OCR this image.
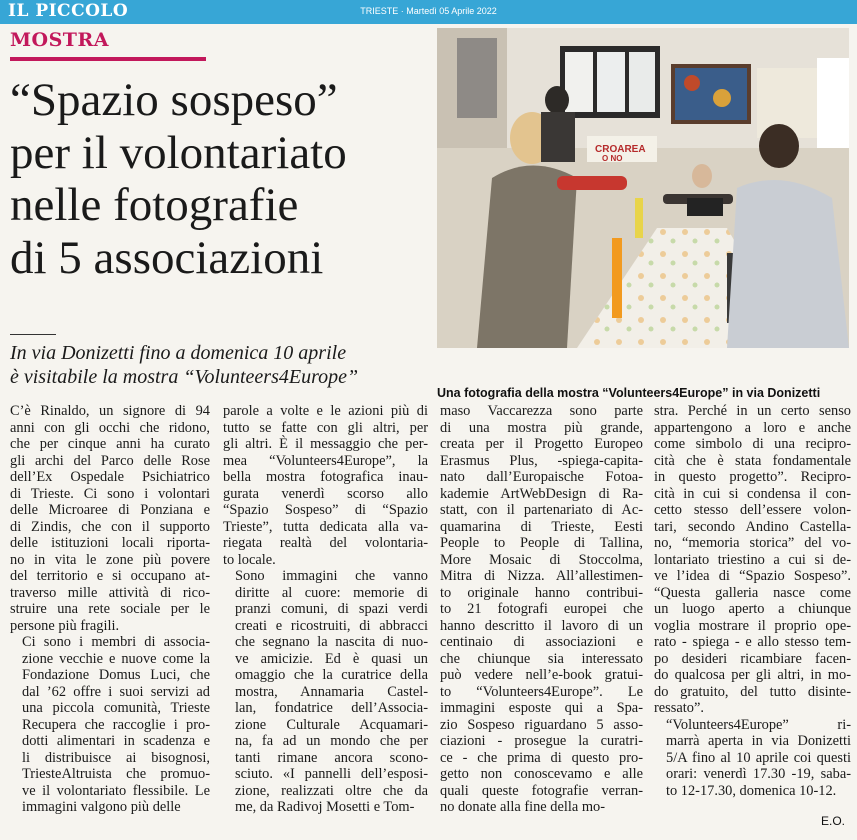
IL PICCOLO	TRIESTE · Martedì 05 Aprile 2022
MOSTRA
“Spazio sospeso”
per il volontariato
nelle fotografie
di 5 associazioni
In via Donizetti fino a domenica 10 aprile
è visitabile la mostra “Volunteers4Europe”
CROAREA
O NO
Una fotografia della mostra “Volunteers4Europe” in via Donizetti

C’è Rinaldo, un signore di 94
anni con gli occhi che ridono,
che per cinque anni ha curato
gli archi del Parco delle Rose
dell’Ex Ospedale Psichiatrico
di Trieste. Ci sono i volontari
delle Microaree di Ponziana e
di Zindis, che con il supporto
delle istituzioni locali riporta-
no in vita le zone più povere
del territorio e si occupano at-
traverso mille attività di rico-
struire una rete sociale per le
persone più fragili.

Ci sono i membri di associa-
zione vecchie e nuove come la
Fondazione Domus Luci, che
dal ’62 offre i suoi servizi ad
una piccola comunità, Trieste
Recupera che raccoglie i pro-
dotti alimentari in scadenza e
li distribuisce ai bisognosi,
TriesteAltruista che promuo-
ve il volontariato flessibile. Le
immagini valgono più delle

parole a volte e le azioni più di
tutto se fatte con gli altri, per
gli altri. È il messaggio che per-
mea “Volunteers4Europe”, la
bella mostra fotografica inau-
gurata venerdì scorso allo
“Spazio Sospeso” di “Spazio
Trieste”, tutta dedicata alla va-
riegata realtà del volontaria-
to locale.

Sono immagini che vanno
diritte al cuore: memorie di
pranzi comuni, di spazi verdi
creati e ricostruiti, di abbracci
che segnano la nascita di nuo-
ve amicizie. Ed è quasi un
omaggio che la curatrice della
mostra, Annamaria Castel-
lan, fondatrice dell’Associa-
zione Culturale Acquamari-
na, fa ad un mondo che per
tanti rimane ancora scono-
sciuto. «I pannelli dell’esposi-
zione, realizzati oltre che da
me, da Radivoj Mosetti e Tom-

maso Vaccarezza sono parte
di una mostra più grande,
creata per il Progetto Europeo
Erasmus Plus, -spiega-capita-
nato dall’Europaische Fotoa-
kademie ArtWebDesign di Ra-
statt, con il partenariato di Ac-
quamarina di Trieste, Eesti
People to People di Tallina,
More Mosaic di Stoccolma,
Mitra di Nizza. All’allestimen-
to originale hanno contribui-
to 21 fotografi europei che
hanno descritto il lavoro di un
centinaio di associazioni e
che chiunque sia interessato
può vedere nell’e-book gratui-
to “Volunteers4Europe”. Le
immagini esposte qui a Spa-
zio Sospeso riguardano 5 asso-
ciazioni - prosegue la curatri-
ce - che prima di questo pro-
getto non conoscevamo e alle
quali queste fotografie verran-
no donate alla fine della mo-

stra. Perché in un certo senso
appartengono a loro e anche
come simbolo di una recipro-
cità che è stata fondamentale
in questo progetto”. Recipro-
cità in cui si condensa il con-
cetto stesso dell’essere volon-
tari, secondo Andino Castella-
no, “memoria storica” del vo-
lontariato triestino a cui si de-
ve l’idea di “Spazio Sospeso”.
“Questa galleria nasce come
un luogo aperto a chiunque
voglia mostrare il proprio ope-
rato - spiega - e allo stesso tem-
po desideri ricambiare facen-
do qualcosa per gli altri, in mo-
do gratuito, del tutto disinte-
ressato”.

“Volunteers4Europe” ri-
marrà aperta in via Donizetti
5/A fino al 10 aprile coi questi
orari: venerdì 17.30 -19, saba-
to 12-17.30, domenica 10-12.

E.O.
